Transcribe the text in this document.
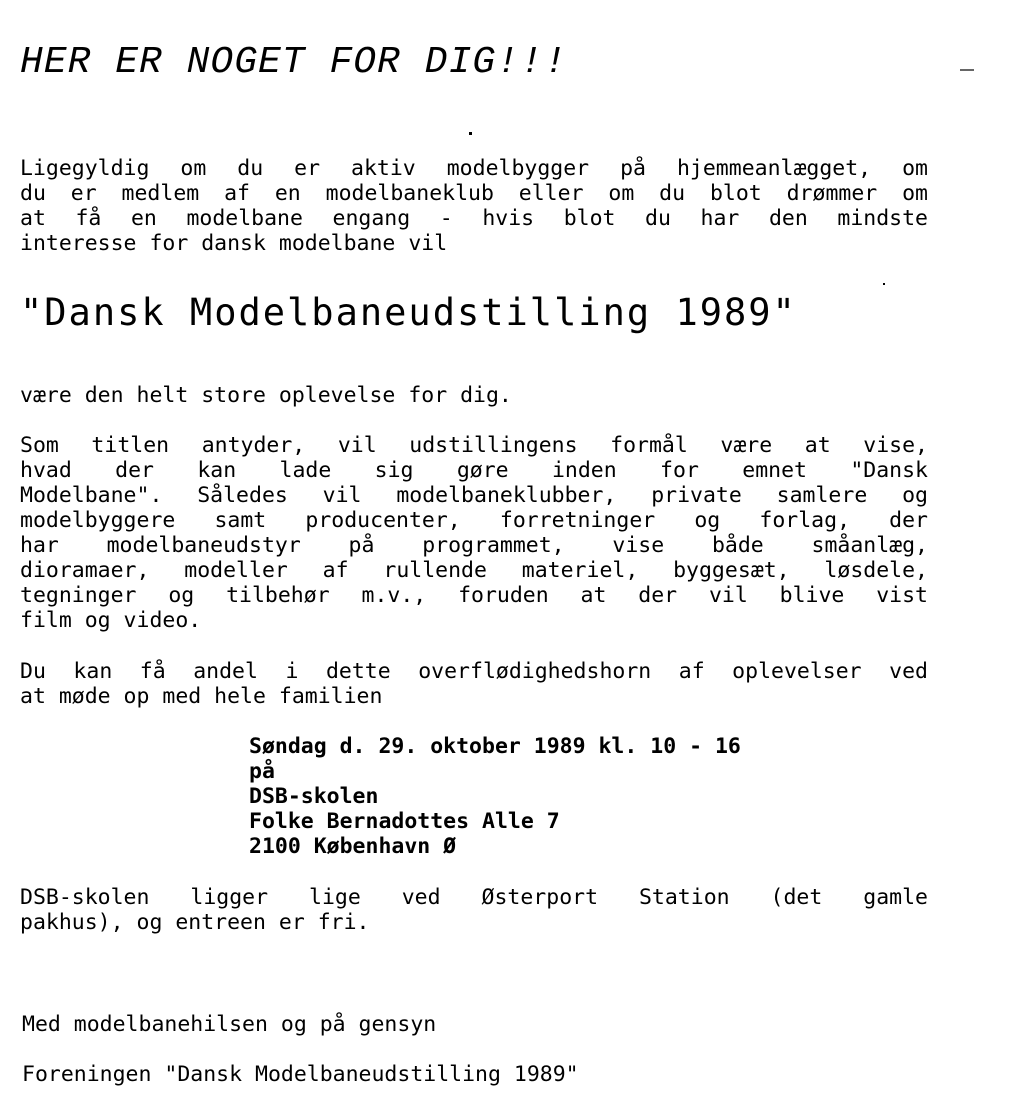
HER ER NOGET FOR DIG!!!

Ligegyldig om du er aktiv modelbygger på hjemmeanlægget, om

du er medlem af en modelbaneklub eller om du blot drømmer om

at få en modelbane engang - hvis blot du har den mindste

interesse for dansk modelbane vil

"Dansk Modelbaneudstilling 1989"
være den helt store oplevelse for dig.

Som titlen antyder, vil udstillingens formål være at vise,

hvad der kan lade sig gøre inden for emnet "Dansk

Modelbane". Således vil modelbaneklubber, private samlere og

modelbyggere samt producenter, forretninger og forlag, der

har modelbaneudstyr på programmet, vise både småanlæg,

dioramaer, modeller af rullende materiel, byggesæt, løsdele,

tegninger og tilbehør m.v., foruden at der vil blive vist

film og video.

Du kan få andel i dette overflødighedshorn af oplevelser ved

at møde op med hele familien

Søndag d. 29. oktober 1989 kl. 10 - 16
på
DSB-skolen
Folke Bernadottes Alle 7
2100 København Ø

DSB-skolen ligger lige ved Østerport Station (det gamle

pakhus), og entreen er fri.

Med modelbanehilsen og på gensyn
Foreningen "Dansk Modelbaneudstilling 1989"
